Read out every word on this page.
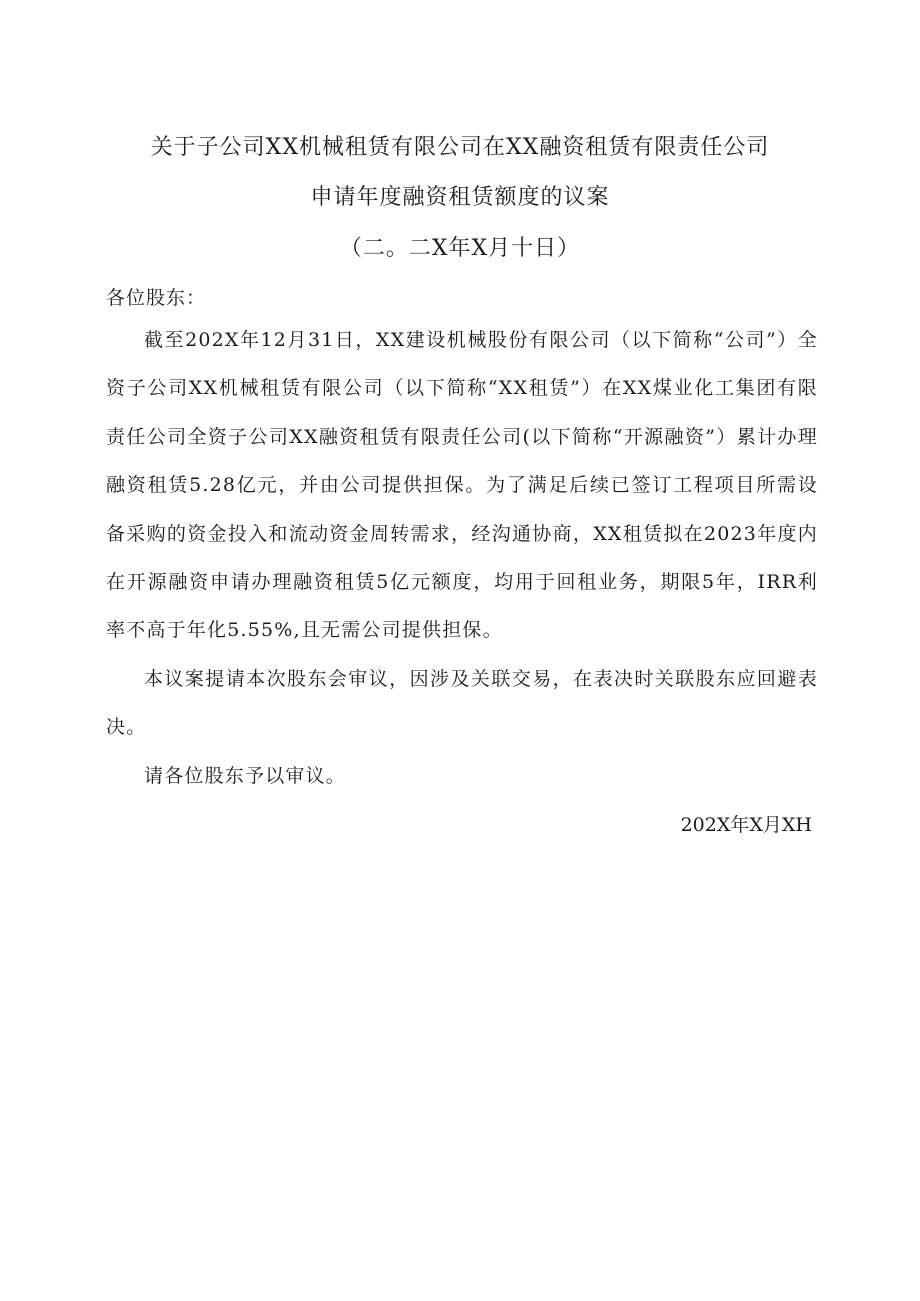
关于子公司XX机械租赁有限公司在XX融资租赁有限责任公司
申请年度融资租赁额度的议案
（二。二X年X月十日）
各位股东：

截至202X年12月31日，XX建设机械股份有限公司（以下简称“公司”）全资子公司XX机械租赁有限公司（以下简称“XX租赁”）在XX煤业化工集团有限责任公司全资子公司XX融资租赁有限责任公司(以下简称“开源融资”）累计办理融资租赁5.28亿元，并由公司提供担保。为了满足后续已签订工程项目所需设备采购的资金投入和流动资金周转需求，经沟通协商，XX租赁拟在2023年度内在开源融资申请办理融资租赁5亿元额度，均用于回租业务，期限5年，IRR利率不高于年化5.55%,且无需公司提供担保。

本议案提请本次股东会审议，因涉及关联交易，在表决时关联股东应回避表决。

请各位股东予以审议。

202X年X月XH
